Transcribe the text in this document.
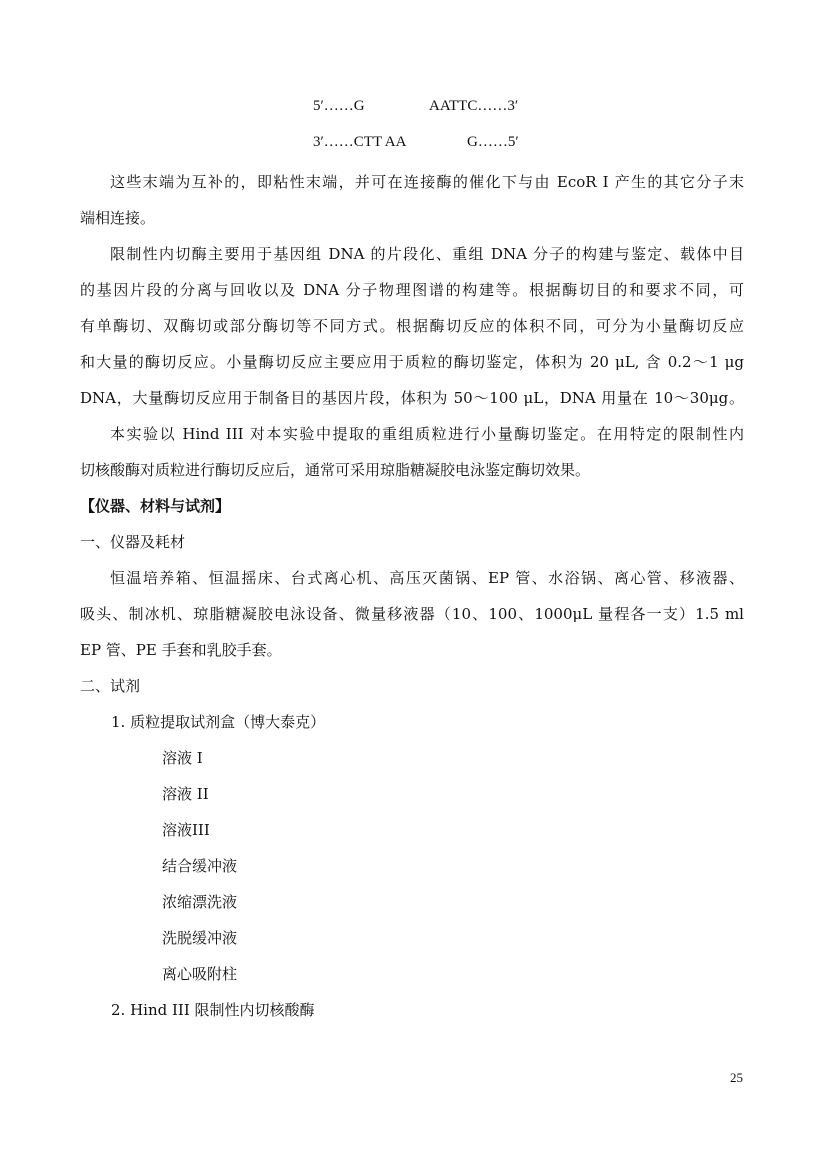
5′……G	AATTC……3′
3′……CTT AA	G……5′
这些末端为互补的，即粘性末端，并可在连接酶的催化下与由 EcoR I 产生的其它分子末
端相连接。
限制性内切酶主要用于基因组 DNA 的片段化、重组 DNA 分子的构建与鉴定、载体中目
的基因片段的分离与回收以及 DNA 分子物理图谱的构建等。根据酶切目的和要求不同，可
有单酶切、双酶切或部分酶切等不同方式。根据酶切反应的体积不同，可分为小量酶切反应
和大量的酶切反应。小量酶切反应主要应用于质粒的酶切鉴定，体积为 20 μL, 含 0.2～1 μg
DNA，大量酶切反应用于制备目的基因片段，体积为 50～100 μL，DNA 用量在 10～30μg。
本实验以 Hind III 对本实验中提取的重组质粒进行小量酶切鉴定。在用特定的限制性内
切核酸酶对质粒进行酶切反应后，通常可采用琼脂糖凝胶电泳鉴定酶切效果。
【仪器、材料与试剂】
一、仪器及耗材
恒温培养箱、恒温摇床、台式离心机、高压灭菌锅、EP 管、水浴锅、离心管、移液器、
吸头、制冰机、琼脂糖凝胶电泳设备、微量移液器（10、100、1000μL 量程各一支）1.5 ml
EP 管、PE 手套和乳胶手套。
二、试剂
1. 质粒提取试剂盒（博大泰克）
溶液 I
溶液 II
溶液III
结合缓冲液
浓缩漂洗液
洗脱缓冲液
离心吸附柱
2. Hind III 限制性内切核酸酶
25
